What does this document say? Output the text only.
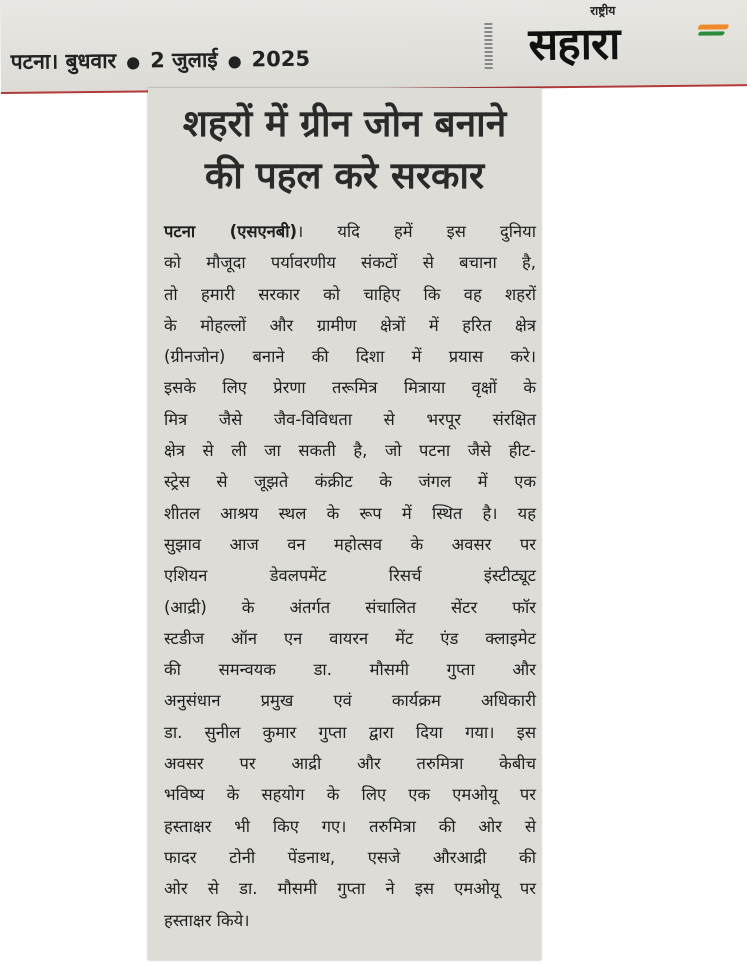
पटना। बुधवार ● 2 जुलाई ● 2025
राष्ट्रीय
सहारा
शहरों में ग्रीन जोन बनाने
की पहल करे सरकार
पटना (एसएनबी)। यदि हमें इस दुनिया
को मौजूदा पर्यावरणीय संकटों से बचाना है,
तो हमारी सरकार को चाहिए कि वह शहरों
के मोहल्लों और ग्रामीण क्षेत्रों में हरित क्षेत्र
(ग्रीनजोन) बनाने की दिशा में प्रयास करे।
इसके लिए प्रेरणा तरूमित्र मित्राया वृक्षों के
मित्र जैसे जैव-विविधता से भरपूर संरक्षित
क्षेत्र से ली जा सकती है, जो पटना जैसे हीट-
स्ट्रेस से जूझते कंक्रीट के जंगल में एक
शीतल आश्रय स्थल के रूप में स्थित है। यह
सुझाव आज वन महोत्सव के अवसर पर
एशियन डेवलपमेंट रिसर्च इंस्टीट्यूट
(आद्री) के अंतर्गत संचालित सेंटर फॉर
स्टडीज ऑन एन वायरन मेंट एंड क्लाइमेट
की समन्वयक डा. मौसमी गुप्ता और
अनुसंधान प्रमुख एवं कार्यक्रम अधिकारी
डा. सुनील कुमार गुप्ता द्वारा दिया गया। इस
अवसर पर आद्री और तरुमित्रा केबीच
भविष्य के सहयोग के लिए एक एमओयू पर
हस्ताक्षर भी किए गए। तरुमित्रा की ओर से
फादर टोनी पेंडनाथ, एसजे औरआद्री की
ओर से डा. मौसमी गुप्ता ने इस एमओयू पर
हस्ताक्षर किये।
